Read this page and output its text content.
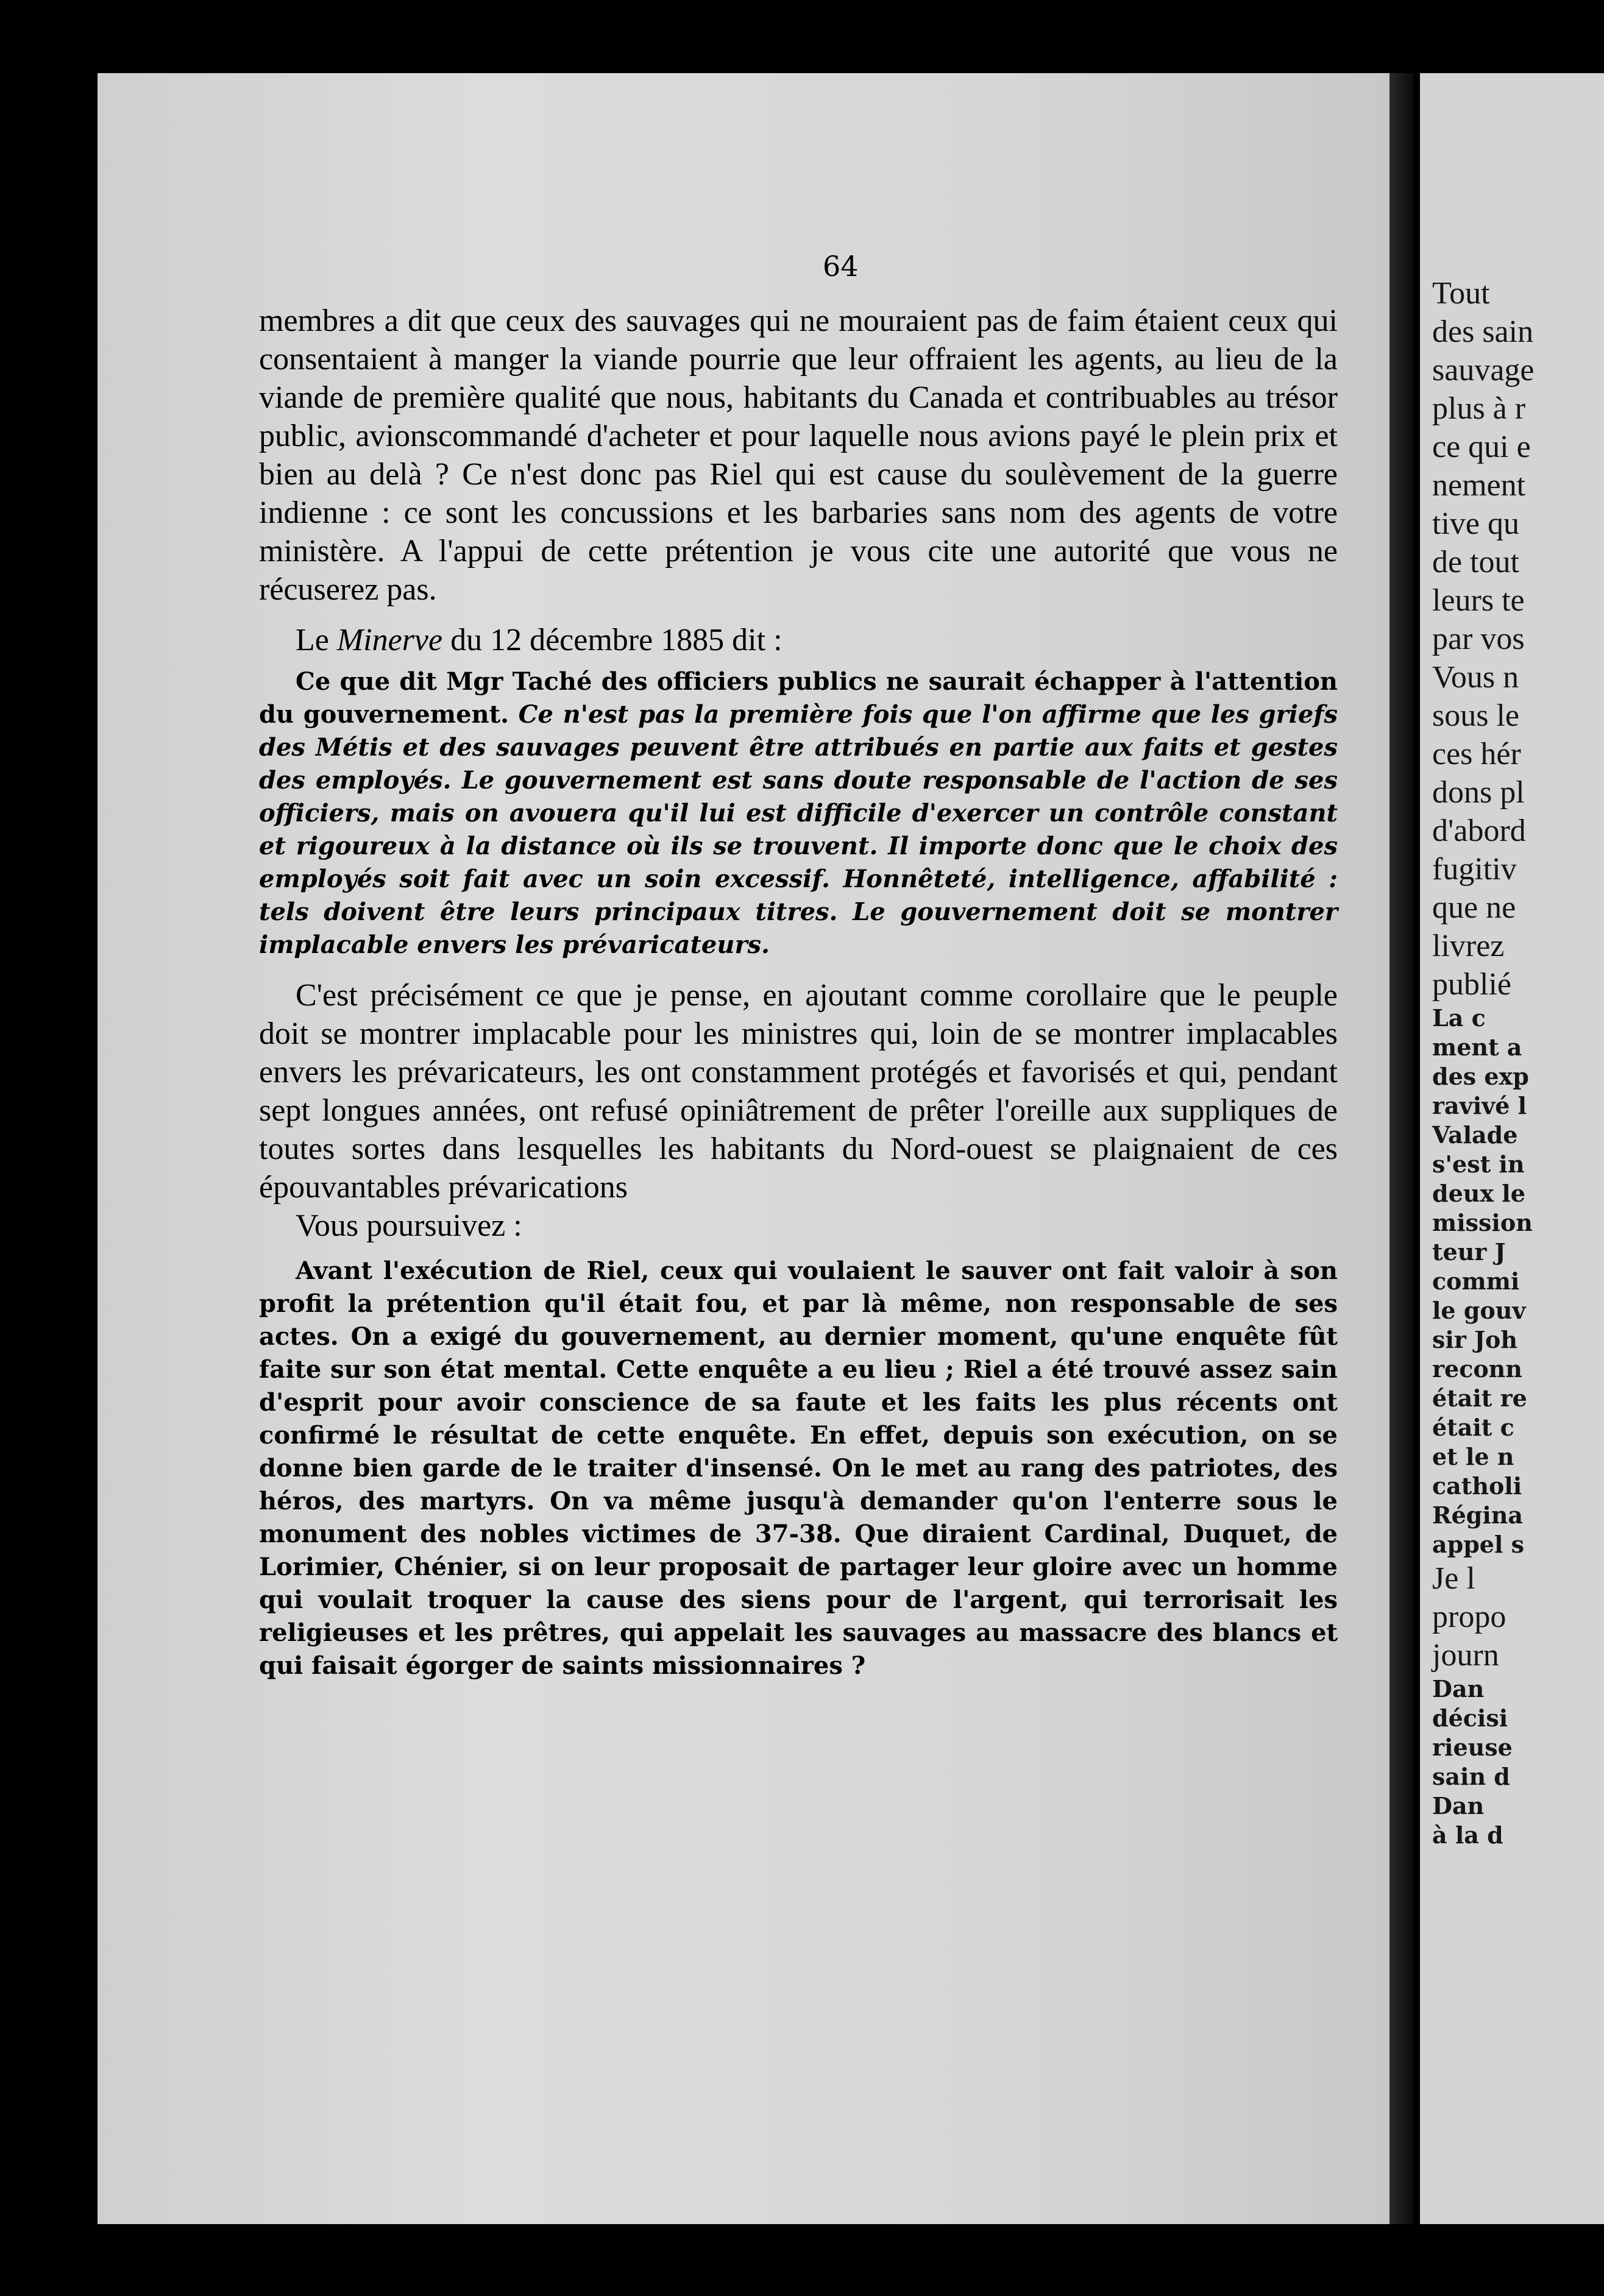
Tout
des sain
sauvage
plus à r
ce qui e
nement
tive qu
de tout
leurs te
par vos
Vous n
sous le
ces hér
dons pl
d'abord
fugitiv
que ne
livrez
publié
La c
ment a
des exp
ravivé l
Valade
s'est in
deux le
mission
teur J
commi
le gouv
sir Joh
reconn
était re
était c
et le n
catholi
Régina
appel s
Je l
propo
journ
Dan
décisi
rieuse
sain d
Dan
à la d
64

membres a dit que ceux des sauvages qui ne mouraient pas de faim étaient ceux qui consentaient à manger la viande pourrie que leur offraient les agents, au lieu de la viande de première qualité que nous, habitants du Canada et contribuables au trésor public, avionscommandé d'acheter et pour laquelle nous avions payé le plein prix et bien au delà ? Ce n'est donc pas Riel qui est cause du soulèvement de la guerre indienne : ce sont les concussions et les barbaries sans nom des agents de votre ministère. A l'appui de cette prétention je vous cite une autorité que vous ne récuserez pas.

Le Minerve du 12 décembre 1885 dit :

Ce que dit Mgr Taché des officiers publics ne saurait échapper à l'attention du gouvernement. Ce n'est pas la première fois que l'on affirme que les griefs des Métis et des sauvages peuvent être attribués en partie aux faits et gestes des employés. Le gouvernement est sans doute responsable de l'action de ses officiers, mais on avouera qu'il lui est difficile d'exercer un contrôle constant et rigoureux à la distance où ils se trouvent. Il importe donc que le choix des employés soit fait avec un soin excessif. Honnêteté, intelligence, affabilité : tels doivent être leurs principaux titres. Le gouvernement doit se montrer implacable envers les prévaricateurs.

C'est précisément ce que je pense, en ajoutant comme corollaire que le peuple doit se montrer implacable pour les ministres qui, loin de se montrer implacables envers les prévaricateurs, les ont constamment protégés et favorisés et qui, pendant sept longues années, ont refusé opiniâtrement de prêter l'oreille aux suppliques de toutes sortes dans lesquelles les habitants du Nord-ouest se plaignaient de ces épouvantables prévarications

Vous poursuivez :

Avant l'exécution de Riel, ceux qui voulaient le sauver ont fait valoir à son profit la prétention qu'il était fou, et par là même, non responsable de ses actes. On a exigé du gouvernement, au dernier moment, qu'une enquête fût faite sur son état mental. Cette enquête a eu lieu ; Riel a été trouvé assez sain d'esprit pour avoir conscience de sa faute et les faits les plus récents ont confirmé le résultat de cette enquête. En effet, depuis son exécution, on se donne bien garde de le traiter d'insensé. On le met au rang des patriotes, des héros, des martyrs. On va même jusqu'à demander qu'on l'enterre sous le monument des nobles victimes de 37-38. Que diraient Cardinal, Duquet, de Lorimier, Chénier, si on leur proposait de partager leur gloire avec un homme qui voulait troquer la cause des siens pour de l'argent, qui terrorisait les religieuses et les prêtres, qui appelait les sauvages au massacre des blancs et qui faisait égorger de saints missionnaires ?
